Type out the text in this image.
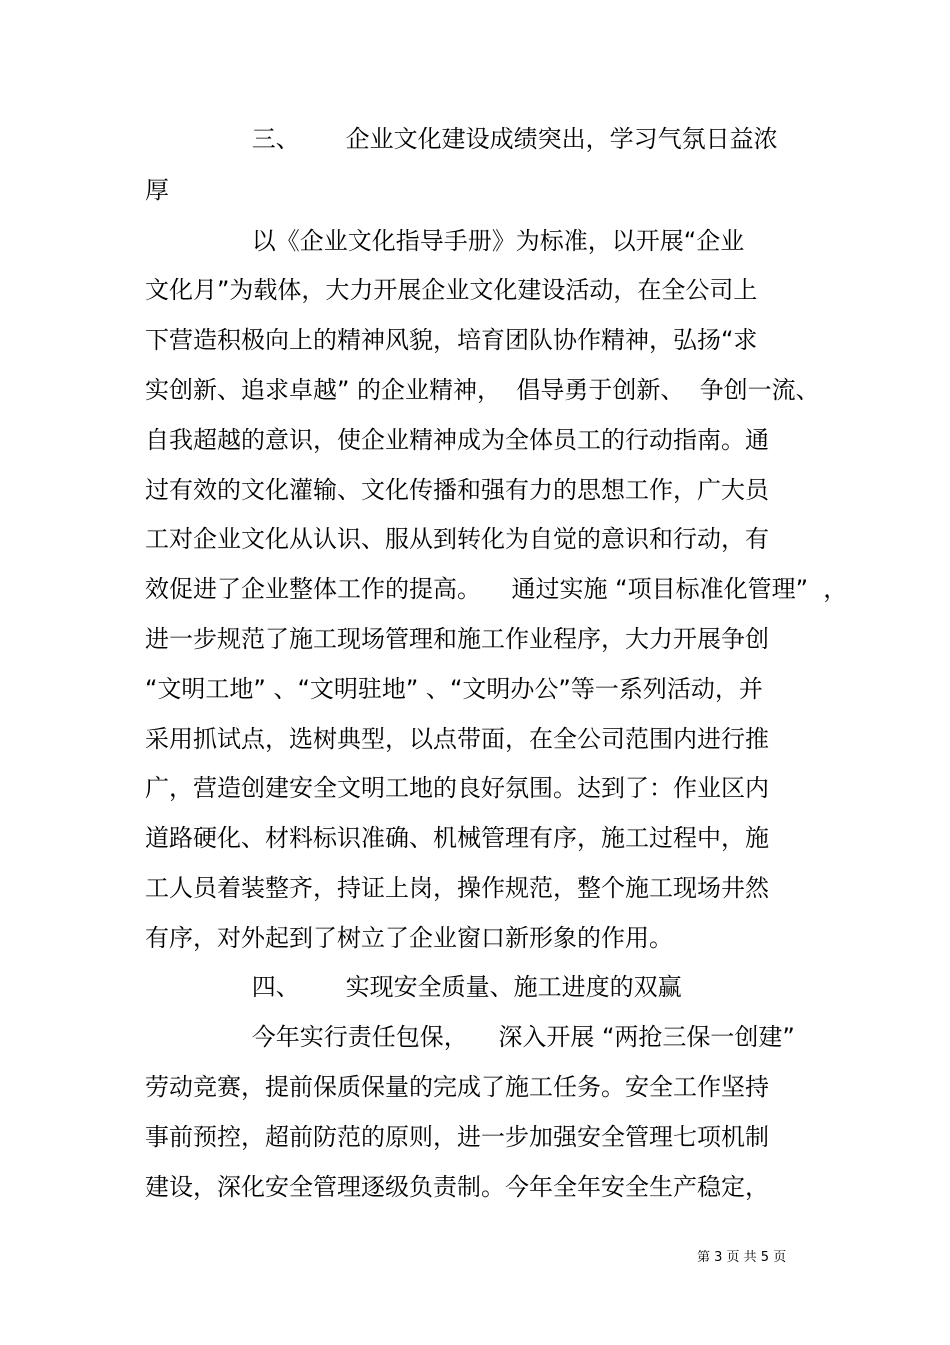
三、      企业文化建设成绩突出，学习气氛日益浓

厚

以《企业文化指导手册》为标准，以开展“企业

文化月”为载体，大力开展企业文化建设活动，在全公司上

下营造积极向上的精神风貌，培育团队协作精神，弘扬“求

实创新、追求卓越” 的企业精神，  倡导勇于创新、  争创一流、

自我超越的意识，使企业精神成为全体员工的行动指南。通

过有效的文化灌输、文化传播和强有力的思想工作，广大员

工对企业文化从认识、服从到转化为自觉的意识和行动，有

效促进了企业整体工作的提高。    通过实施 “项目标准化管理”  ，

进一步规范了施工现场管理和施工作业程序，大力开展争创

“文明工地” 、“文明驻地” 、“文明办公”等一系列活动，并

采用抓试点，选树典型，以点带面，在全公司范围内进行推

广，营造创建安全文明工地的良好氛围。达到了：作业区内

道路硬化、材料标识准确、机械管理有序，施工过程中，施

工人员着装整齐，持证上岗，操作规范，整个施工现场井然

有序，对外起到了树立了企业窗口新形象的作用。

四、      实现安全质量、施工进度的双赢

今年实行责任包保，    深入开展 “两抢三保一创建”

劳动竞赛，提前保质保量的完成了施工任务。安全工作坚持

事前预控，超前防范的原则，进一步加强安全管理七项机制

建设，深化安全管理逐级负责制。今年全年安全生产稳定，

第 3 页 共 5 页
